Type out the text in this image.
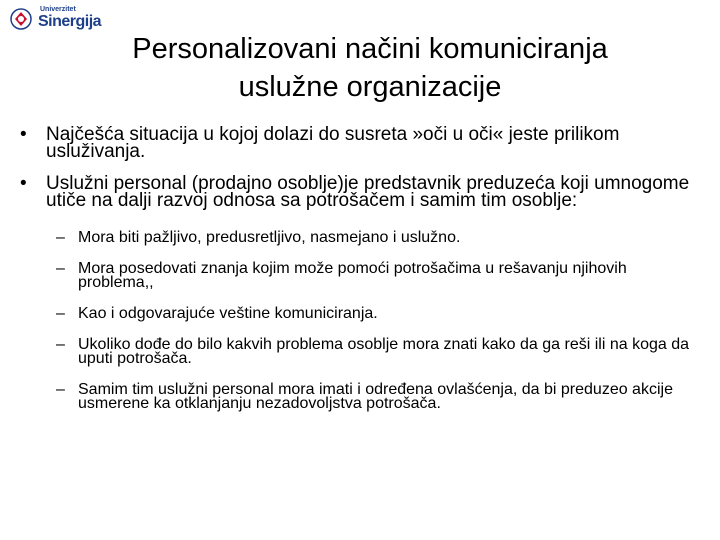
Univerzitet
Sinergija
Personalizovani načini komuniciranja
uslužne organizacije
• Najčešća situacija u kojoj dolazi do susreta »oči u oči« jeste prilikom usluživanja.
• Uslužni personal (prodajno osoblje)je predstavnik preduzeća koji umnogome utiče na dalji razvoj odnosa sa potrošačem i samim tim osoblje:
– Mora biti pažljivo, predusretljivo, nasmejano i uslužno.
– Mora posedovati znanja kojim može pomoći potrošačima u rešavanju njihovih problema,,
– Kao i odgovarajuće veštine komuniciranja.
– Ukoliko dođe do bilo kakvih problema osoblje mora znati kako da ga reši ili na koga da uputi potrošača.
– Samim tim uslužni personal mora imati i određena ovlašćenja, da bi preduzeo akcije usmerene ka otklanjanju nezadovoljstva potrošača.
